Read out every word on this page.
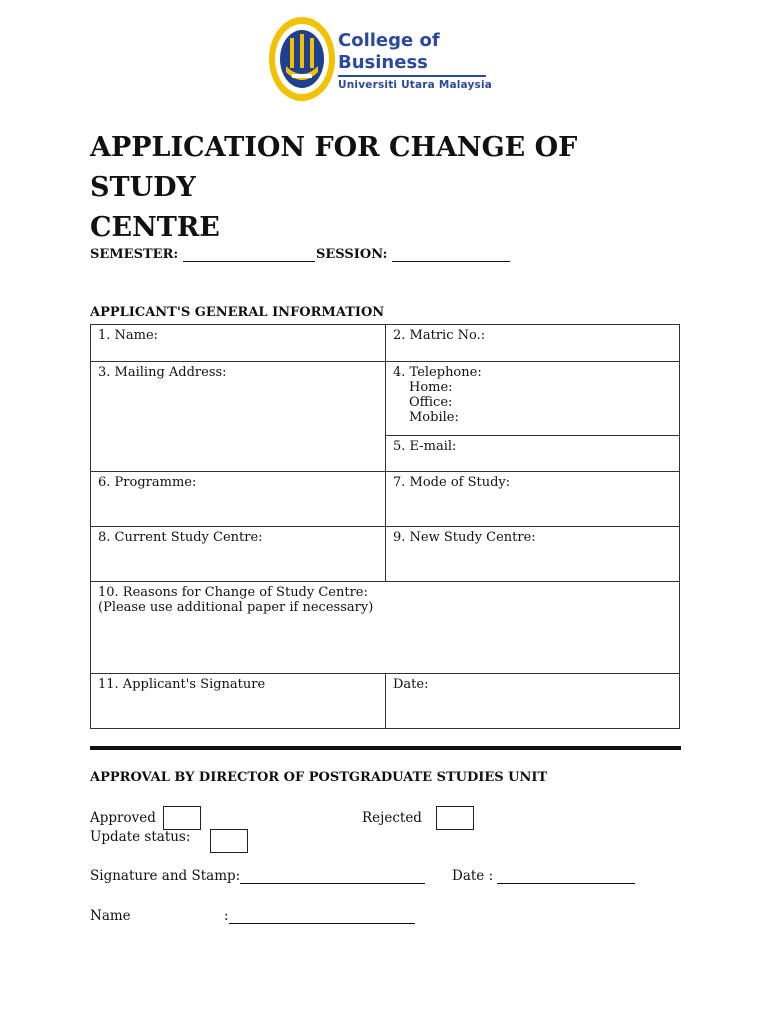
College of
Business
Universiti Utara Malaysia
APPLICATION FOR CHANGE OF STUDY
CENTRE
SEMESTER:	SESSION:
APPLICANT'S GENERAL INFORMATION
1. Name:	2. Matric No.:
3. Mailing Address:	4. Telephone:
Home:
Office:
Mobile:

	5. E-mail:
6. Programme:	7. Mode of Study:
8. Current Study Centre:	9. New Study Centre:

10. Reasons for Change of Study Centre:
(Please use additional paper if necessary)	

11. Applicant's Signature	Date:
APPROVAL BY DIRECTOR OF POSTGRADUATE STUDIES UNIT
Approved	Rejected
Update status:
Signature and Stamp:	Date :
Name	:
